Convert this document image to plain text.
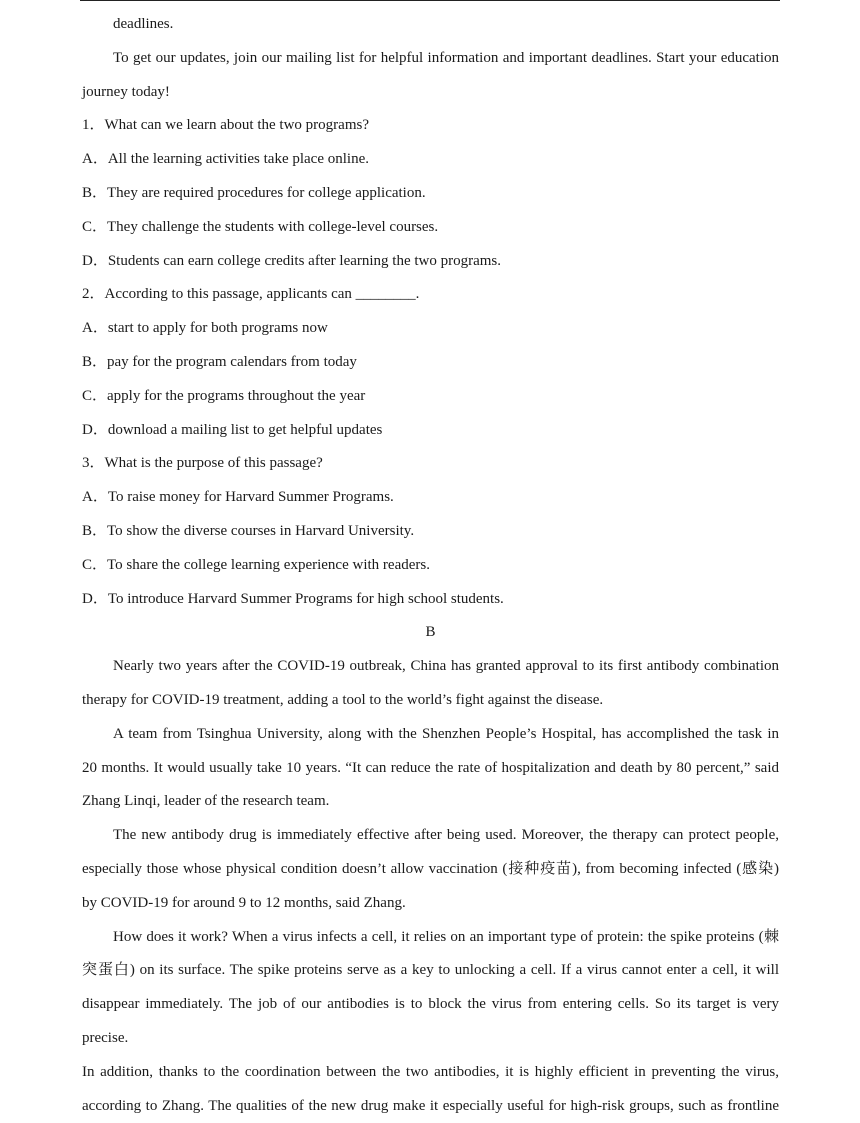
deadlines.

To get our updates, join our mailing list for helpful information and important deadlines. Start your education journey today!

1．What can we learn about the two programs?

A．All the learning activities take place online.

B．They are required procedures for college application.

C．They challenge the students with college-level courses.

D．Students can earn college credits after learning the two programs.

2．According to this passage, applicants can ________.

A．start to apply for both programs now

B．pay for the program calendars from today

C．apply for the programs throughout the year

D．download a mailing list to get helpful updates

3．What is the purpose of this passage?

A．To raise money for Harvard Summer Programs.

B．To show the diverse courses in Harvard University.

C．To share the college learning experience with readers.

D．To introduce Harvard Summer Programs for high school students.

B

Nearly two years after the COVID-19 outbreak, China has granted approval to its first antibody combination

therapy for COVID-19 treatment, adding a tool to the world’s fight against the disease.

A team from Tsinghua University, along with the Shenzhen People’s Hospital, has accomplished the task in

20 months. It would usually take 10 years. “It can reduce the rate of hospitalization and death by 80 percent,” said

Zhang Linqi, leader of the research team.

The new antibody drug is immediately effective after being used. Moreover, the therapy can protect people,

especially those whose physical condition doesn’t allow vaccination (接种疫苗), from becoming infected (感染)

by COVID-19 for around 9 to 12 months, said Zhang.

How does it work? When a virus infects a cell, it relies on an important type of protein: the spike proteins (棘

突蛋白) on its surface. The spike proteins serve as a key to unlocking a cell. If a virus cannot enter a cell, it will

disappear immediately. The job of our antibodies is to block the virus from entering cells. So its target is very precise.

In addition, thanks to the coordination between the two antibodies, it is highly efficient in preventing the virus,

according to Zhang. The qualities of the new drug make it especially useful for high-risk groups, such as frontline
